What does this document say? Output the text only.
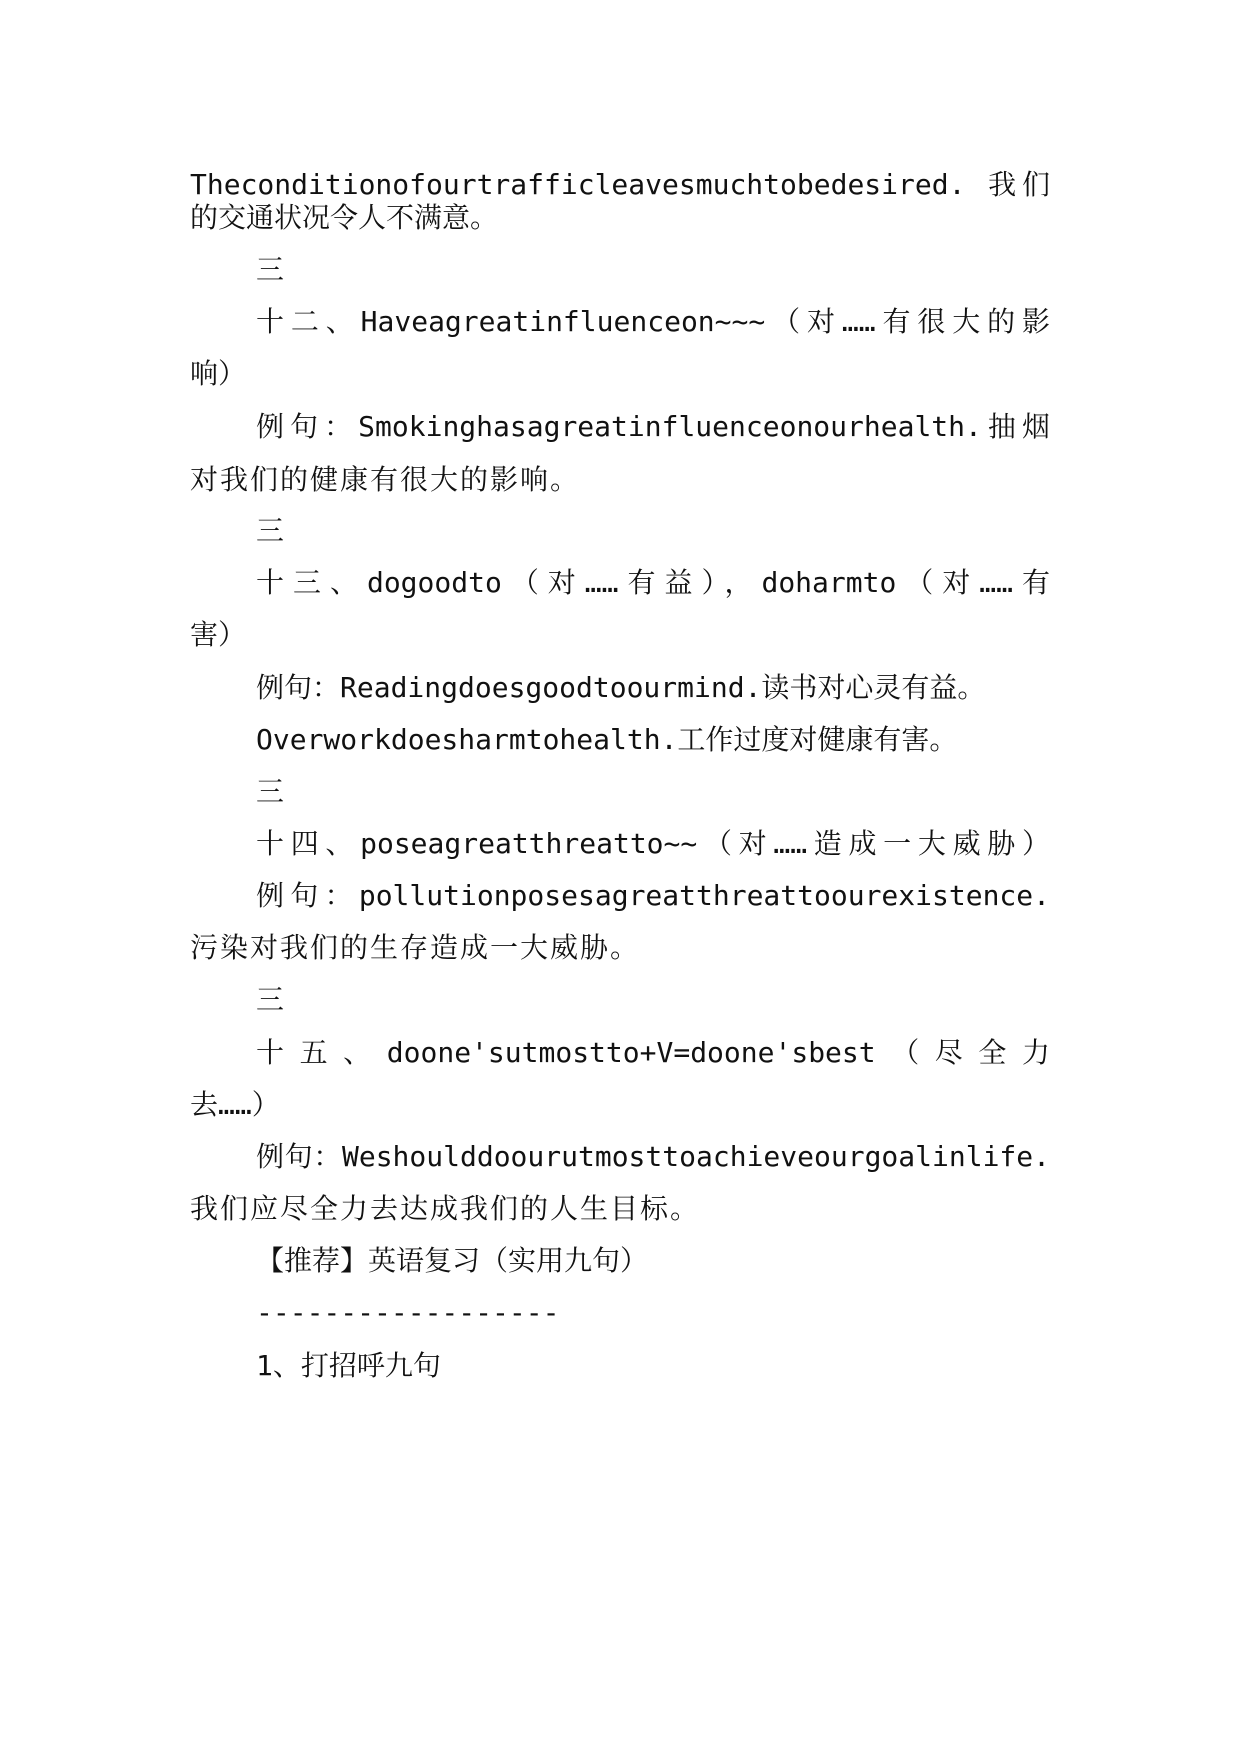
Theconditionofourtrafficleavesmuchtobedesired. 我们
的交通状况令人不满意。
三
十二、Haveagreatinfluenceon~~~（对……有很大的影
响）
例句：Smokinghasagreatinfluenceonourhealth.抽烟
对我们的健康有很大的影响。
三
十三、dogoodto（对……有益），doharmto（对……有
害）
例句：Readingdoesgoodtoourmind.读书对心灵有益。
Overworkdoesharmtohealth.工作过度对健康有害。
三
十四、poseagreatthreatto~~（对……造成一大威胁）
例句：pollutionposesagreatthreattoourexistence.
污染对我们的生存造成一大威胁。
三
十五、doone'sutmostto+V=doone'sbest（尽全力
去……）
例句：Weshoulddoourutmosttoachieveourgoalinlife.
我们应尽全力去达成我们的人生目标。
【推荐】英语复习（实用九句）
------------------
1、打招呼九句
